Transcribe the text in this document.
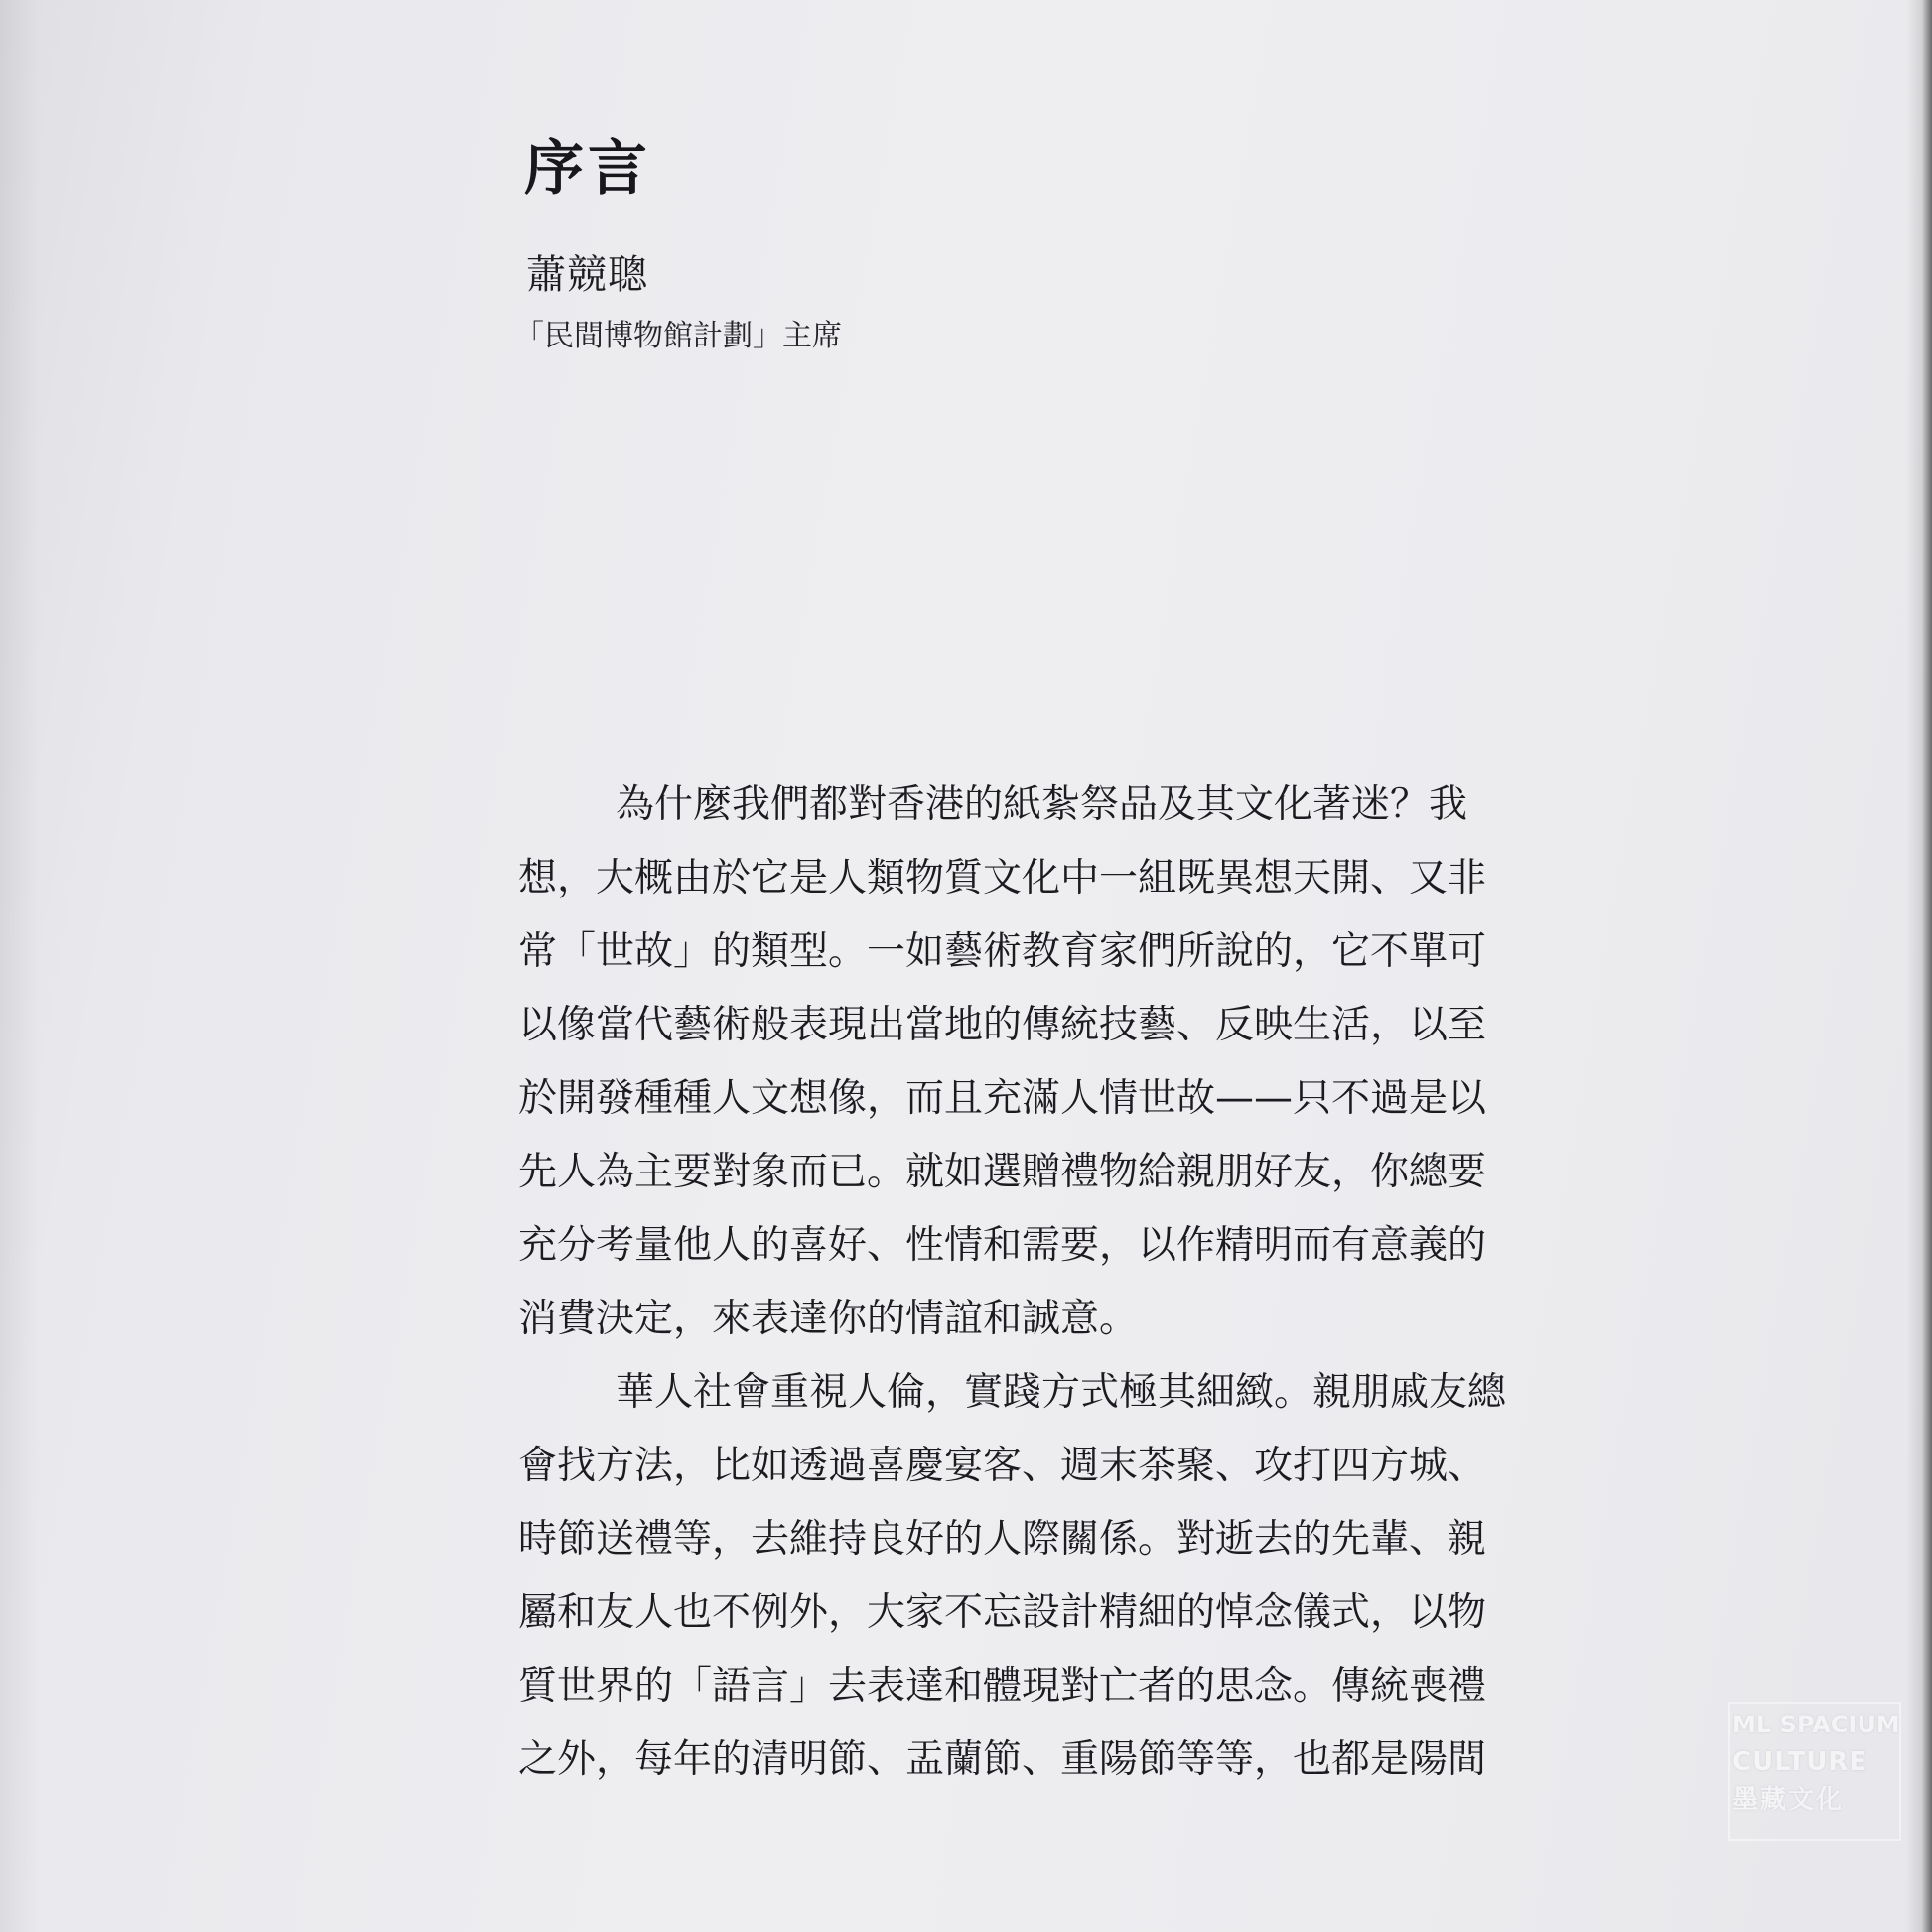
序言
蕭競聰
「民間博物館計劃」主席
為什麼我們都對香港的紙紮祭品及其文化著迷？我
想，大概由於它是人類物質文化中一組既異想天開、又非
常「世故」的類型。一如藝術教育家們所說的，它不單可
以像當代藝術般表現出當地的傳統技藝、反映生活，以至
於開發種種人文想像，而且充滿人情世故——只不過是以
先人為主要對象而已。就如選贈禮物給親朋好友，你總要
充分考量他人的喜好、性情和需要，以作精明而有意義的
消費決定，來表達你的情誼和誠意。
華人社會重視人倫，實踐方式極其細緻。親朋戚友總
會找方法，比如透過喜慶宴客、週末茶聚、攻打四方城、
時節送禮等，去維持良好的人際關係。對逝去的先輩、親
屬和友人也不例外，大家不忘設計精細的悼念儀式，以物
質世界的「語言」去表達和體現對亡者的思念。傳統喪禮
之外，每年的清明節、盂蘭節、重陽節等等，也都是陽間
ML SPACIUM
CULTURE
墨藏文化
